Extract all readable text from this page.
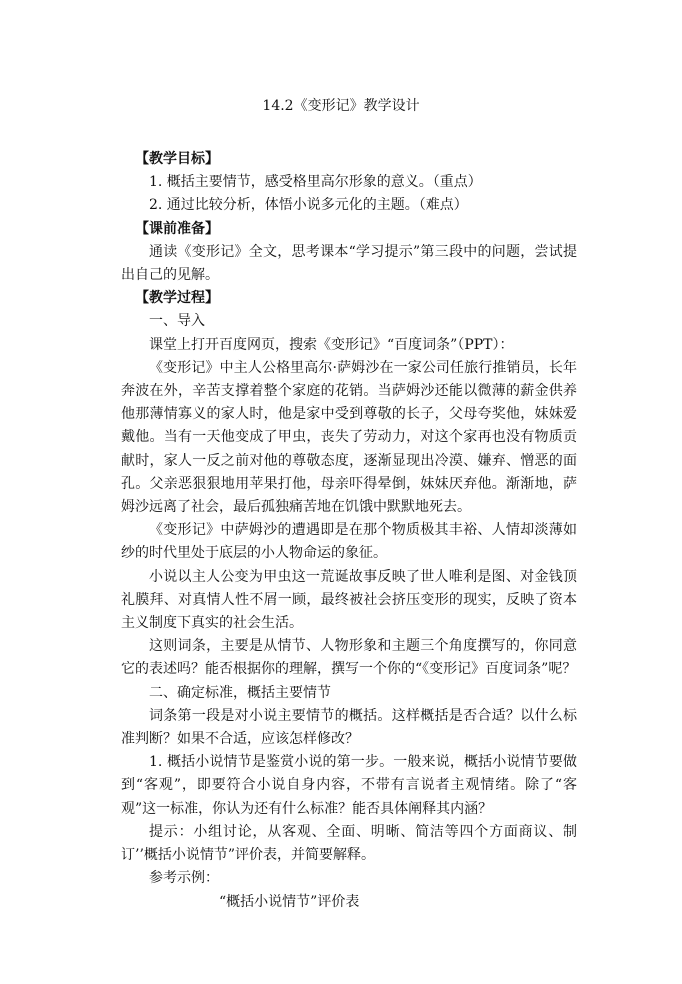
14.2《变形记》教学设计

【教学目标】

1. 概括主要情节，感受格里高尔形象的意义。（重点）

2. 通过比较分析，体悟小说多元化的主题。（难点）

【课前准备】

通读《变形记》全文，思考课本“学习提示”第三段中的问题，尝试提出自己的见解。

【教学过程】

一、导入

课堂上打开百度网页，搜索《变形记》“百度词条”（PPT）：

《变形记》中主人公格里高尔·萨姆沙在一家公司任旅行推销员，长年奔波在外，辛苦支撑着整个家庭的花销。当萨姆沙还能以微薄的薪金供养他那薄情寡义的家人时，他是家中受到尊敬的长子，父母夸奖他，妹妹爱戴他。当有一天他变成了甲虫，丧失了劳动力，对这个家再也没有物质贡献时，家人一反之前对他的尊敬态度，逐渐显现出冷漠、嫌弃、憎恶的面孔。父亲恶狠狠地用苹果打他，母亲吓得晕倒，妹妹厌弃他。渐渐地，萨姆沙远离了社会，最后孤独痛苦地在饥饿中默默地死去。

《变形记》中萨姆沙的遭遇即是在那个物质极其丰裕、人情却淡薄如纱的时代里处于底层的小人物命运的象征。

小说以主人公变为甲虫这一荒诞故事反映了世人唯利是图、对金钱顶礼膜拜、对真情人性不屑一顾，最终被社会挤压变形的现实，反映了资本主义制度下真实的社会生活。

这则词条，主要是从情节、人物形象和主题三个角度撰写的，你同意它的表述吗？能否根据你的理解，撰写一个你的“《变形记》百度词条”呢？

二、确定标准，概括主要情节

词条第一段是对小说主要情节的概括。这样概括是否合适？以什么标准判断？如果不合适，应该怎样修改？

1. 概括小说情节是鉴赏小说的第一步。一般来说，概括小说情节要做到“客观”，即要符合小说自身内容，不带有言说者主观情绪。除了“客观”这一标准，你认为还有什么标准？能否具体阐释其内涵？

提示：小组讨论，从客观、全面、明晰、简洁等四个方面商议、制订’’概括小说情节”评价表，并简要解释。

参考示例：

“概括小说情节”评价表
